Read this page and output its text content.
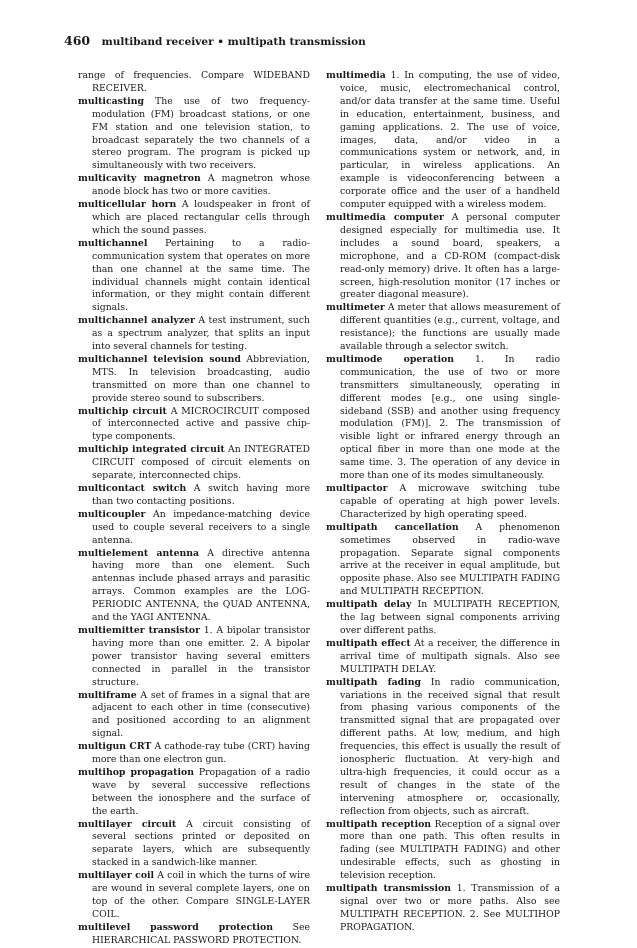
460 multiband receiver • multipath transmission

range of frequencies. Compare WIDEBAND RECEIVER.

multicasting The use of two frequency-modulation (FM) broadcast stations, or one FM station and one television station, to broadcast separately the two channels of a stereo program. The program is picked up simultaneously with two receivers.

multicavity magnetron A magnetron whose anode block has two or more cavities.

multicellular horn A loudspeaker in front of which are placed rectangular cells through which the sound passes.

multichannel Pertaining to a radio-communication system that operates on more than one channel at the same time. The individual channels might contain identical information, or they might contain different signals.

multichannel analyzer A test instrument, such as a spectrum analyzer, that splits an input into several channels for testing.

multichannel television sound Abbreviation, MTS. In television broadcasting, audio transmitted on more than one channel to provide stereo sound to subscribers.

multichip circuit A MICROCIRCUIT composed of interconnected active and passive chip-type components.

multichip integrated circuit An INTEGRATED CIRCUIT composed of circuit elements on separate, interconnected chips.

multicontact switch A switch having more than two contacting positions.

multicoupler An impedance-matching device used to couple several receivers to a single antenna.

multielement antenna A directive antenna having more than one element. Such antennas include phased arrays and parasitic arrays. Common examples are the LOG-PERIODIC ANTENNA, the QUAD ANTENNA, and the YAGI ANTENNA.

multiemitter transistor 1. A bipolar transistor having more than one emitter. 2. A bipolar power transistor having several emitters connected in parallel in the transistor structure.

multiframe A set of frames in a signal that are adjacent to each other in time (consecutive) and positioned according to an alignment signal.

multigun CRT A cathode-ray tube (CRT) having more than one electron gun.

multihop propagation Propagation of a radio wave by several successive reflections between the ionosphere and the surface of the earth.

multilayer circuit A circuit consisting of several sections printed or deposited on separate layers, which are subsequently stacked in a sandwich-like manner.

multilayer coil A coil in which the turns of wire are wound in several complete layers, one on top of the other. Compare SINGLE-LAYER COIL.

multilevel password protection See HIERARCHICAL PASSWORD PROTECTION.

multimedia 1. In computing, the use of video, voice, music, electromechanical control, and/or data transfer at the same time. Useful in education, entertainment, business, and gaming applications. 2. The use of voice, images, data, and/or video in a communications system or network, and, in particular, in wireless applications. An example is videoconferencing between a corporate office and the user of a handheld computer equipped with a wireless modem.

multimedia computer A personal computer designed especially for multimedia use. It includes a sound board, speakers, a microphone, and a CD-ROM (compact-disk read-only memory) drive. It often has a large-screen, high-resolution monitor (17 inches or greater diagonal measure).

multimeter A meter that allows measurement of different quantities (e.g., current, voltage, and resistance); the functions are usually made available through a selector switch.

multimode operation 1. In radio communication, the use of two or more transmitters simultaneously, operating in different modes [e.g., one using single-sideband (SSB) and another using frequency modulation (FM)]. 2. The transmission of visible light or infrared energy through an optical fiber in more than one mode at the same time. 3. The operation of any device in more than one of its modes simultaneously.

multipactor A microwave switching tube capable of operating at high power levels. Characterized by high operating speed.

multipath cancellation A phenomenon sometimes observed in radio-wave propagation. Separate signal components arrive at the receiver in equal amplitude, but opposite phase. Also see MULTIPATH FADING and MULTIPATH RECEPTION.

multipath delay In MULTIPATH RECEPTION, the lag between signal components arriving over different paths.

multipath effect At a receiver, the difference in arrival time of multipath signals. Also see MULTIPATH DELAY.

multipath fading In radio communication, variations in the received signal that result from phasing various components of the transmitted signal that are propagated over different paths. At low, medium, and high frequencies, this effect is usually the result of ionospheric fluctuation. At very-high and ultra-high frequencies, it could occur as a result of changes in the state of the intervening atmosphere or, occasionally, reflection from objects, such as aircraft.

multipath reception Reception of a signal over more than one path. This often results in fading (see MULTIPATH FADING) and other undesirable effects, such as ghosting in television reception.

multipath transmission 1. Transmission of a signal over two or more paths. Also see MULTIPATH RECEPTION. 2. See MULTIHOP PROPAGATION.
